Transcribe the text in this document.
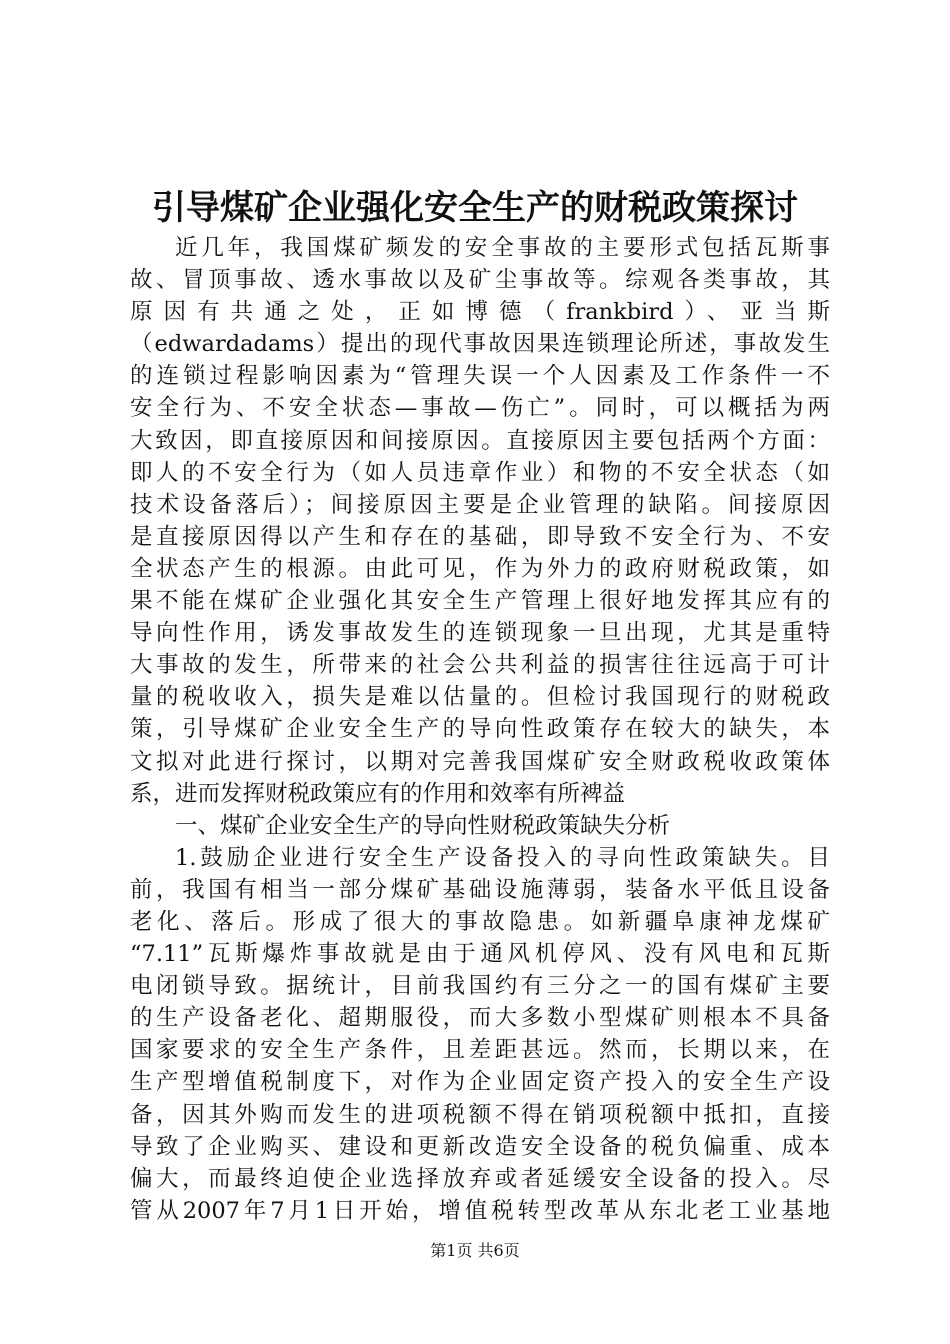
引导煤矿企业强化安全生产的财税政策探讨
近几年，我国煤矿频发的安全事故的主要形式包括瓦斯事
故、冒顶事故、透水事故以及矿尘事故等。综观各类事故，其
原因有共通之处，正如博德（frankbird）、亚当斯
（edwardadams）提出的现代事故因果连锁理论所述，事故发生
的连锁过程影响因素为“管理失误一个人因素及工作条件一不
安全行为、不安全状态—事故—伤亡”。同时，可以概括为两
大致因，即直接原因和间接原因。直接原因主要包括两个方面：
即人的不安全行为（如人员违章作业）和物的不安全状态（如
技术设备落后）；间接原因主要是企业管理的缺陷。间接原因
是直接原因得以产生和存在的基础，即导致不安全行为、不安
全状态产生的根源。由此可见，作为外力的政府财税政策，如
果不能在煤矿企业强化其安全生产管理上很好地发挥其应有的
导向性作用，诱发事故发生的连锁现象一旦出现，尤其是重特
大事故的发生，所带来的社会公共利益的损害往往远高于可计
量的税收收入，损失是难以估量的。但检讨我国现行的财税政
策，引导煤矿企业安全生产的导向性政策存在较大的缺失，本
文拟对此进行探讨，以期对完善我国煤矿安全财政税收政策体
系，进而发挥财税政策应有的作用和效率有所裨益
一、煤矿企业安全生产的导向性财税政策缺失分析
1.鼓励企业进行安全生产设备投入的寻向性政策缺失。目
前，我国有相当一部分煤矿基础设施薄弱，装备水平低且设备
老化、落后。形成了很大的事故隐患。如新疆阜康神龙煤矿
“7.11”瓦斯爆炸事故就是由于通风机停风、没有风电和瓦斯
电闭锁导致。据统计，目前我国约有三分之一的国有煤矿主要
的生产设备老化、超期服役，而大多数小型煤矿则根本不具备
国家要求的安全生产条件，且差距甚远。然而，长期以来，在
生产型增值税制度下，对作为企业固定资产投入的安全生产设
备，因其外购而发生的进项税额不得在销项税额中抵扣，直接
导致了企业购买、建设和更新改造安全设备的税负偏重、成本
偏大，而最终迫使企业选择放弃或者延缓安全设备的投入。尽
管从2007年7月1日开始，增值税转型改革从东北老工业基地
第1页 共6页
